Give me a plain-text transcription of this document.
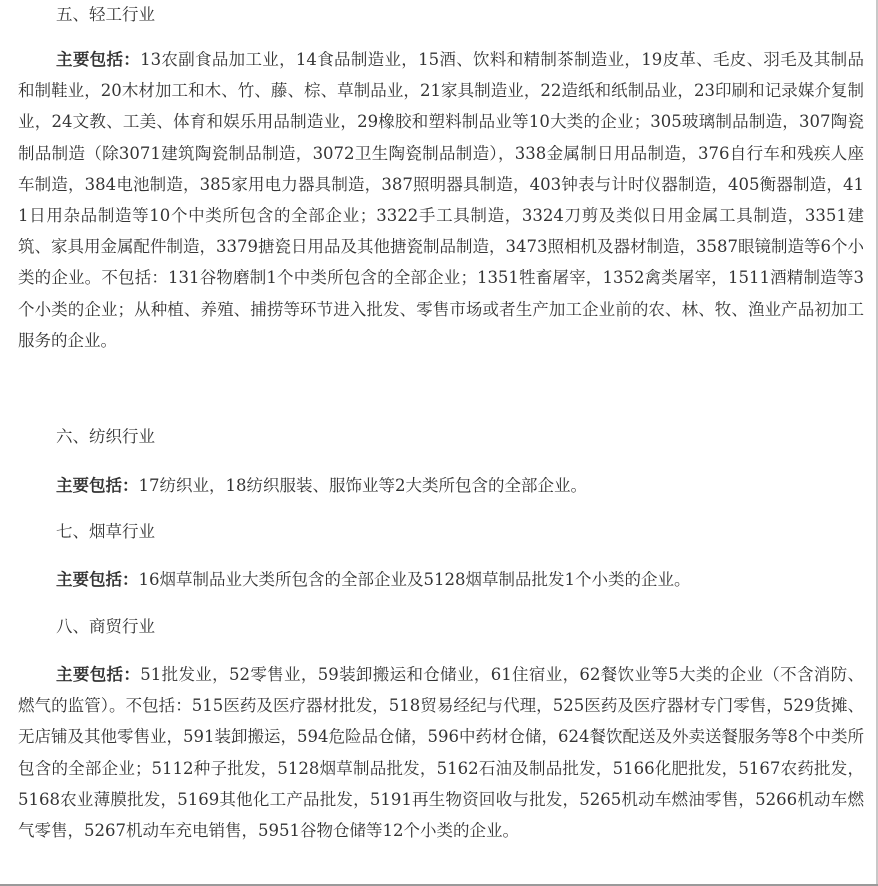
五、轻工行业

主要包括：13农副食品加工业，14食品制造业，15酒、饮料和精制茶制造业，19皮革、毛皮、羽毛及其制品和制鞋业，20木材加工和木、竹、藤、棕、草制品业，21家具制造业，22造纸和纸制品业，23印刷和记录媒介复制业，24文教、工美、体育和娱乐用品制造业，29橡胶和塑料制品业等10大类的企业；305玻璃制品制造，307陶瓷制品制造（除3071建筑陶瓷制品制造，3072卫生陶瓷制品制造），338金属制日用品制造，376自行车和残疾人座车制造，384电池制造，385家用电力器具制造，387照明器具制造，403钟表与计时仪器制造，405衡器制造，411日用杂品制造等10个中类所包含的全部企业；3322手工具制造，3324刀剪及类似日用金属工具制造，3351建筑、家具用金属配件制造，3379搪瓷日用品及其他搪瓷制品制造，3473照相机及器材制造，3587眼镜制造等6个小类的企业。不包括：131谷物磨制1个中类所包含的全部企业；1351牲畜屠宰，1352禽类屠宰，1511酒精制造等3个小类的企业；从种植、养殖、捕捞等环节进入批发、零售市场或者生产加工企业前的农、林、牧、渔业产品初加工服务的企业。

六、纺织行业

主要包括：17纺织业，18纺织服装、服饰业等2大类所包含的全部企业。

七、烟草行业

主要包括：16烟草制品业大类所包含的全部企业及5128烟草制品批发1个小类的企业。

八、商贸行业

主要包括：51批发业，52零售业，59装卸搬运和仓储业，61住宿业，62餐饮业等5大类的企业（不含消防、燃气的监管）。不包括：515医药及医疗器材批发，518贸易经纪与代理，525医药及医疗器材专门零售，529货摊、无店铺及其他零售业，591装卸搬运，594危险品仓储，596中药材仓储，624餐饮配送及外卖送餐服务等8个中类所包含的全部企业；5112种子批发，5128烟草制品批发，5162石油及制品批发，5166化肥批发，5167农药批发，5168农业薄膜批发，5169其他化工产品批发，5191再生物资回收与批发，5265机动车燃油零售，5266机动车燃气零售，5267机动车充电销售，5951谷物仓储等12个小类的企业。
